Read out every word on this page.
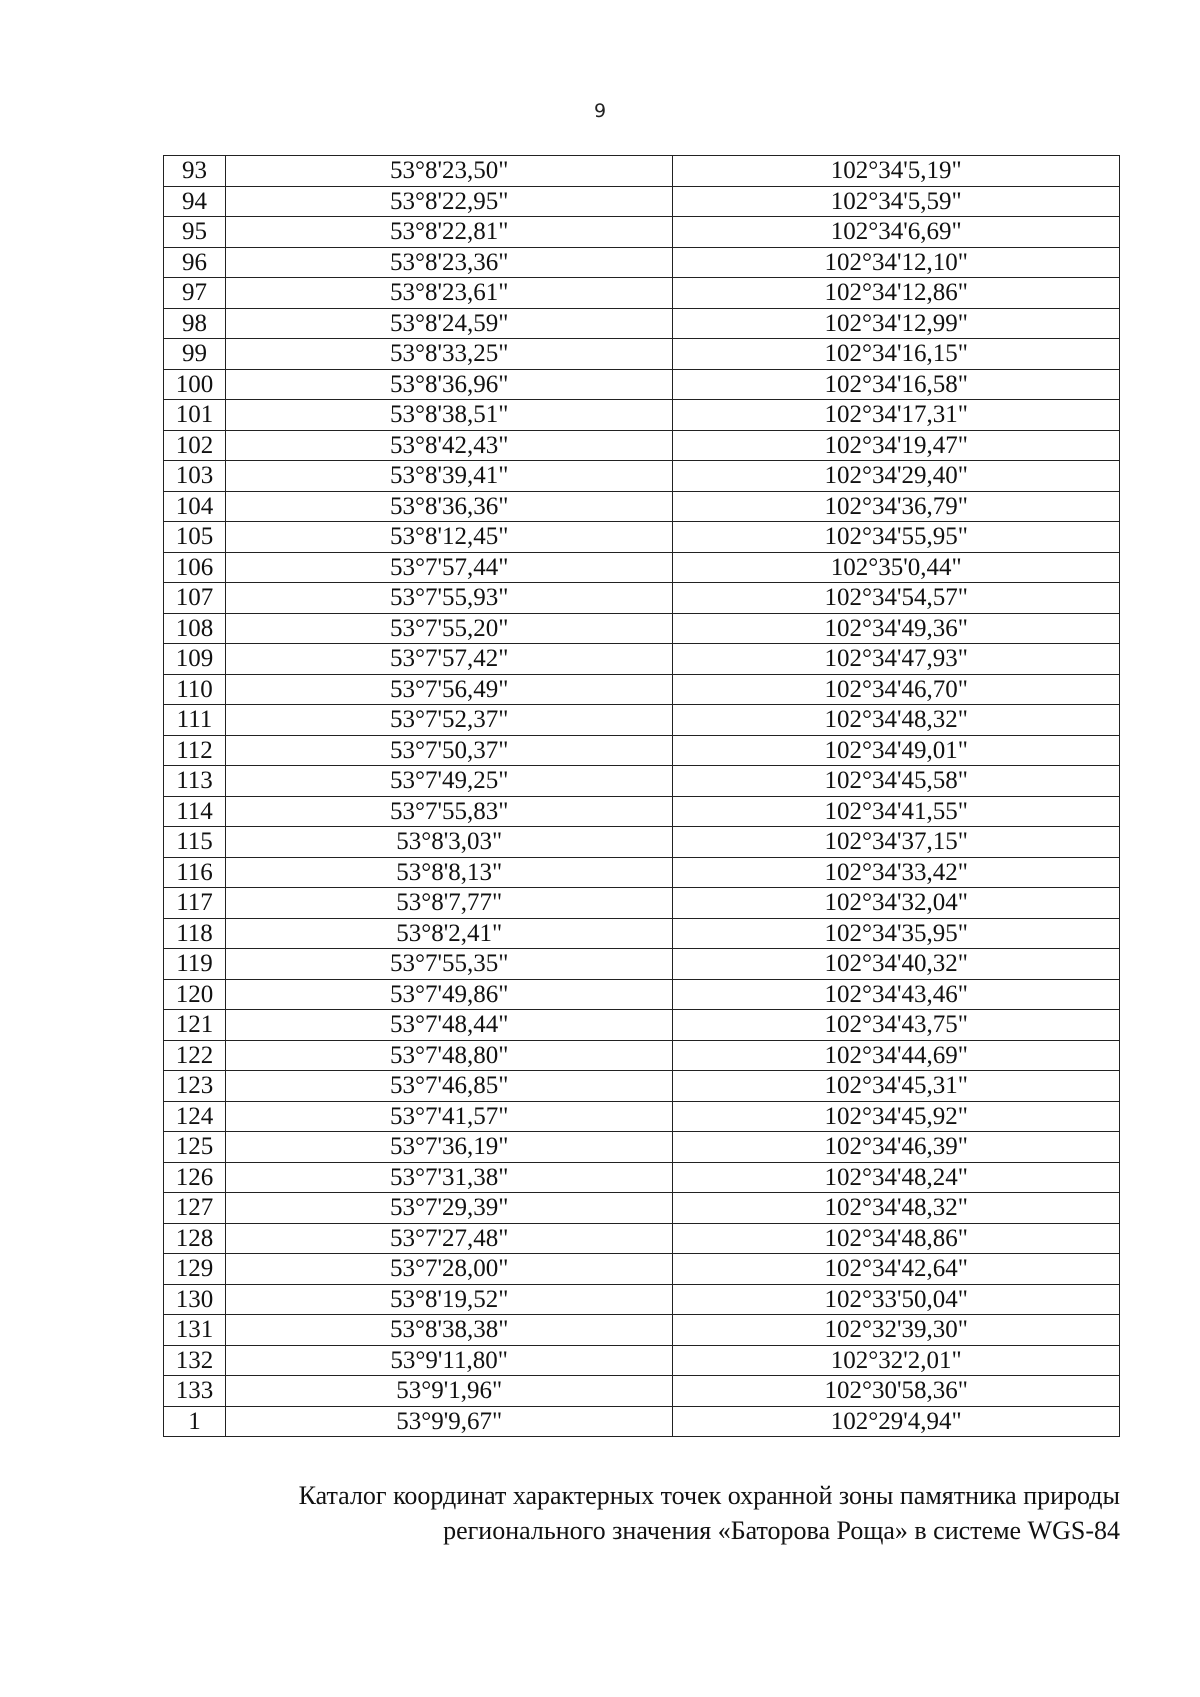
9
93	53°8'23,50"	102°34'5,19"
94	53°8'22,95"	102°34'5,59"
95	53°8'22,81"	102°34'6,69"
96	53°8'23,36"	102°34'12,10"
97	53°8'23,61"	102°34'12,86"
98	53°8'24,59"	102°34'12,99"
99	53°8'33,25"	102°34'16,15"
100	53°8'36,96"	102°34'16,58"
101	53°8'38,51"	102°34'17,31"
102	53°8'42,43"	102°34'19,47"
103	53°8'39,41"	102°34'29,40"
104	53°8'36,36"	102°34'36,79"
105	53°8'12,45"	102°34'55,95"
106	53°7'57,44"	102°35'0,44"
107	53°7'55,93"	102°34'54,57"
108	53°7'55,20"	102°34'49,36"
109	53°7'57,42"	102°34'47,93"
110	53°7'56,49"	102°34'46,70"
111	53°7'52,37"	102°34'48,32"
112	53°7'50,37"	102°34'49,01"
113	53°7'49,25"	102°34'45,58"
114	53°7'55,83"	102°34'41,55"
115	53°8'3,03"	102°34'37,15"
116	53°8'8,13"	102°34'33,42"
117	53°8'7,77"	102°34'32,04"
118	53°8'2,41"	102°34'35,95"
119	53°7'55,35"	102°34'40,32"
120	53°7'49,86"	102°34'43,46"
121	53°7'48,44"	102°34'43,75"
122	53°7'48,80"	102°34'44,69"
123	53°7'46,85"	102°34'45,31"
124	53°7'41,57"	102°34'45,92"
125	53°7'36,19"	102°34'46,39"
126	53°7'31,38"	102°34'48,24"
127	53°7'29,39"	102°34'48,32"
128	53°7'27,48"	102°34'48,86"
129	53°7'28,00"	102°34'42,64"
130	53°8'19,52"	102°33'50,04"
131	53°8'38,38"	102°32'39,30"
132	53°9'11,80"	102°32'2,01"
133	53°9'1,96"	102°30'58,36"
1	53°9'9,67"	102°29'4,94"
Каталог координат характерных точек охранной зоны памятника природы
регионального значения «Баторова Роща» в системе WGS-84
